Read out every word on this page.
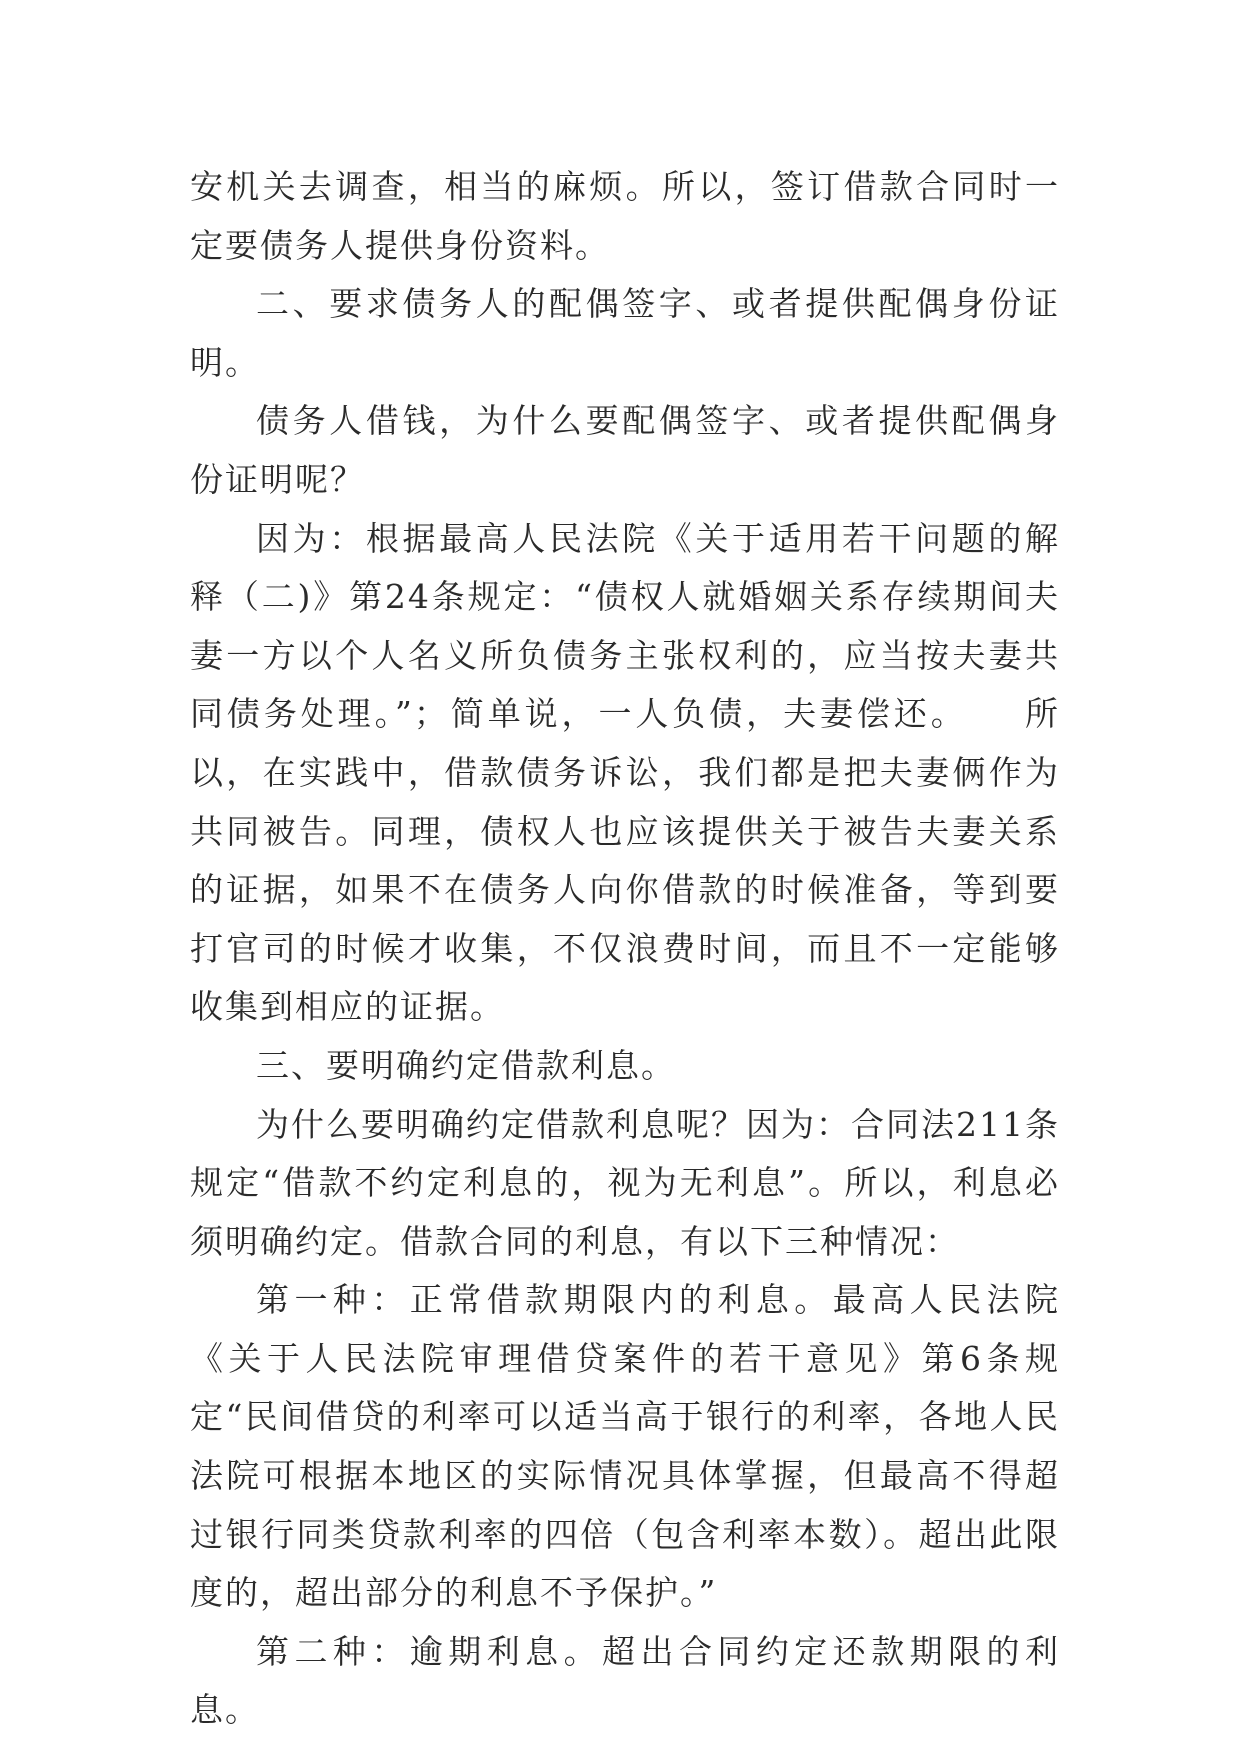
安机关去调查，相当的麻烦。所以，签订借款合同时一定要债务人提供身份资料。

二、要求债务人的配偶签字、或者提供配偶身份证明。

债务人借钱，为什么要配偶签字、或者提供配偶身份证明呢？

因为：根据最高人民法院《关于适用若干问题的解释（二)》第24条规定：“债权人就婚姻关系存续期间夫妻一方以个人名义所负债务主张权利的，应当按夫妻共同债务处理。”；简单说，一人负债，夫妻偿还。　　所以，在实践中，借款债务诉讼，我们都是把夫妻俩作为共同被告。同理，债权人也应该提供关于被告夫妻关系的证据，如果不在债务人向你借款的时候准备，等到要打官司的时候才收集，不仅浪费时间，而且不一定能够收集到相应的证据。

三、要明确约定借款利息。

为什么要明确约定借款利息呢？因为：合同法211条规定“借款不约定利息的，视为无利息”。所以，利息必须明确约定。借款合同的利息，有以下三种情况：

第一种：正常借款期限内的利息。最高人民法院《关于人民法院审理借贷案件的若干意见》第6条规定“民间借贷的利率可以适当高于银行的利率，各地人民法院可根据本地区的实际情况具体掌握，但最高不得超过银行同类贷款利率的四倍（包含利率本数）。超出此限度的，超出部分的利息不予保护。”

第二种：逾期利息。超出合同约定还款期限的利息。
